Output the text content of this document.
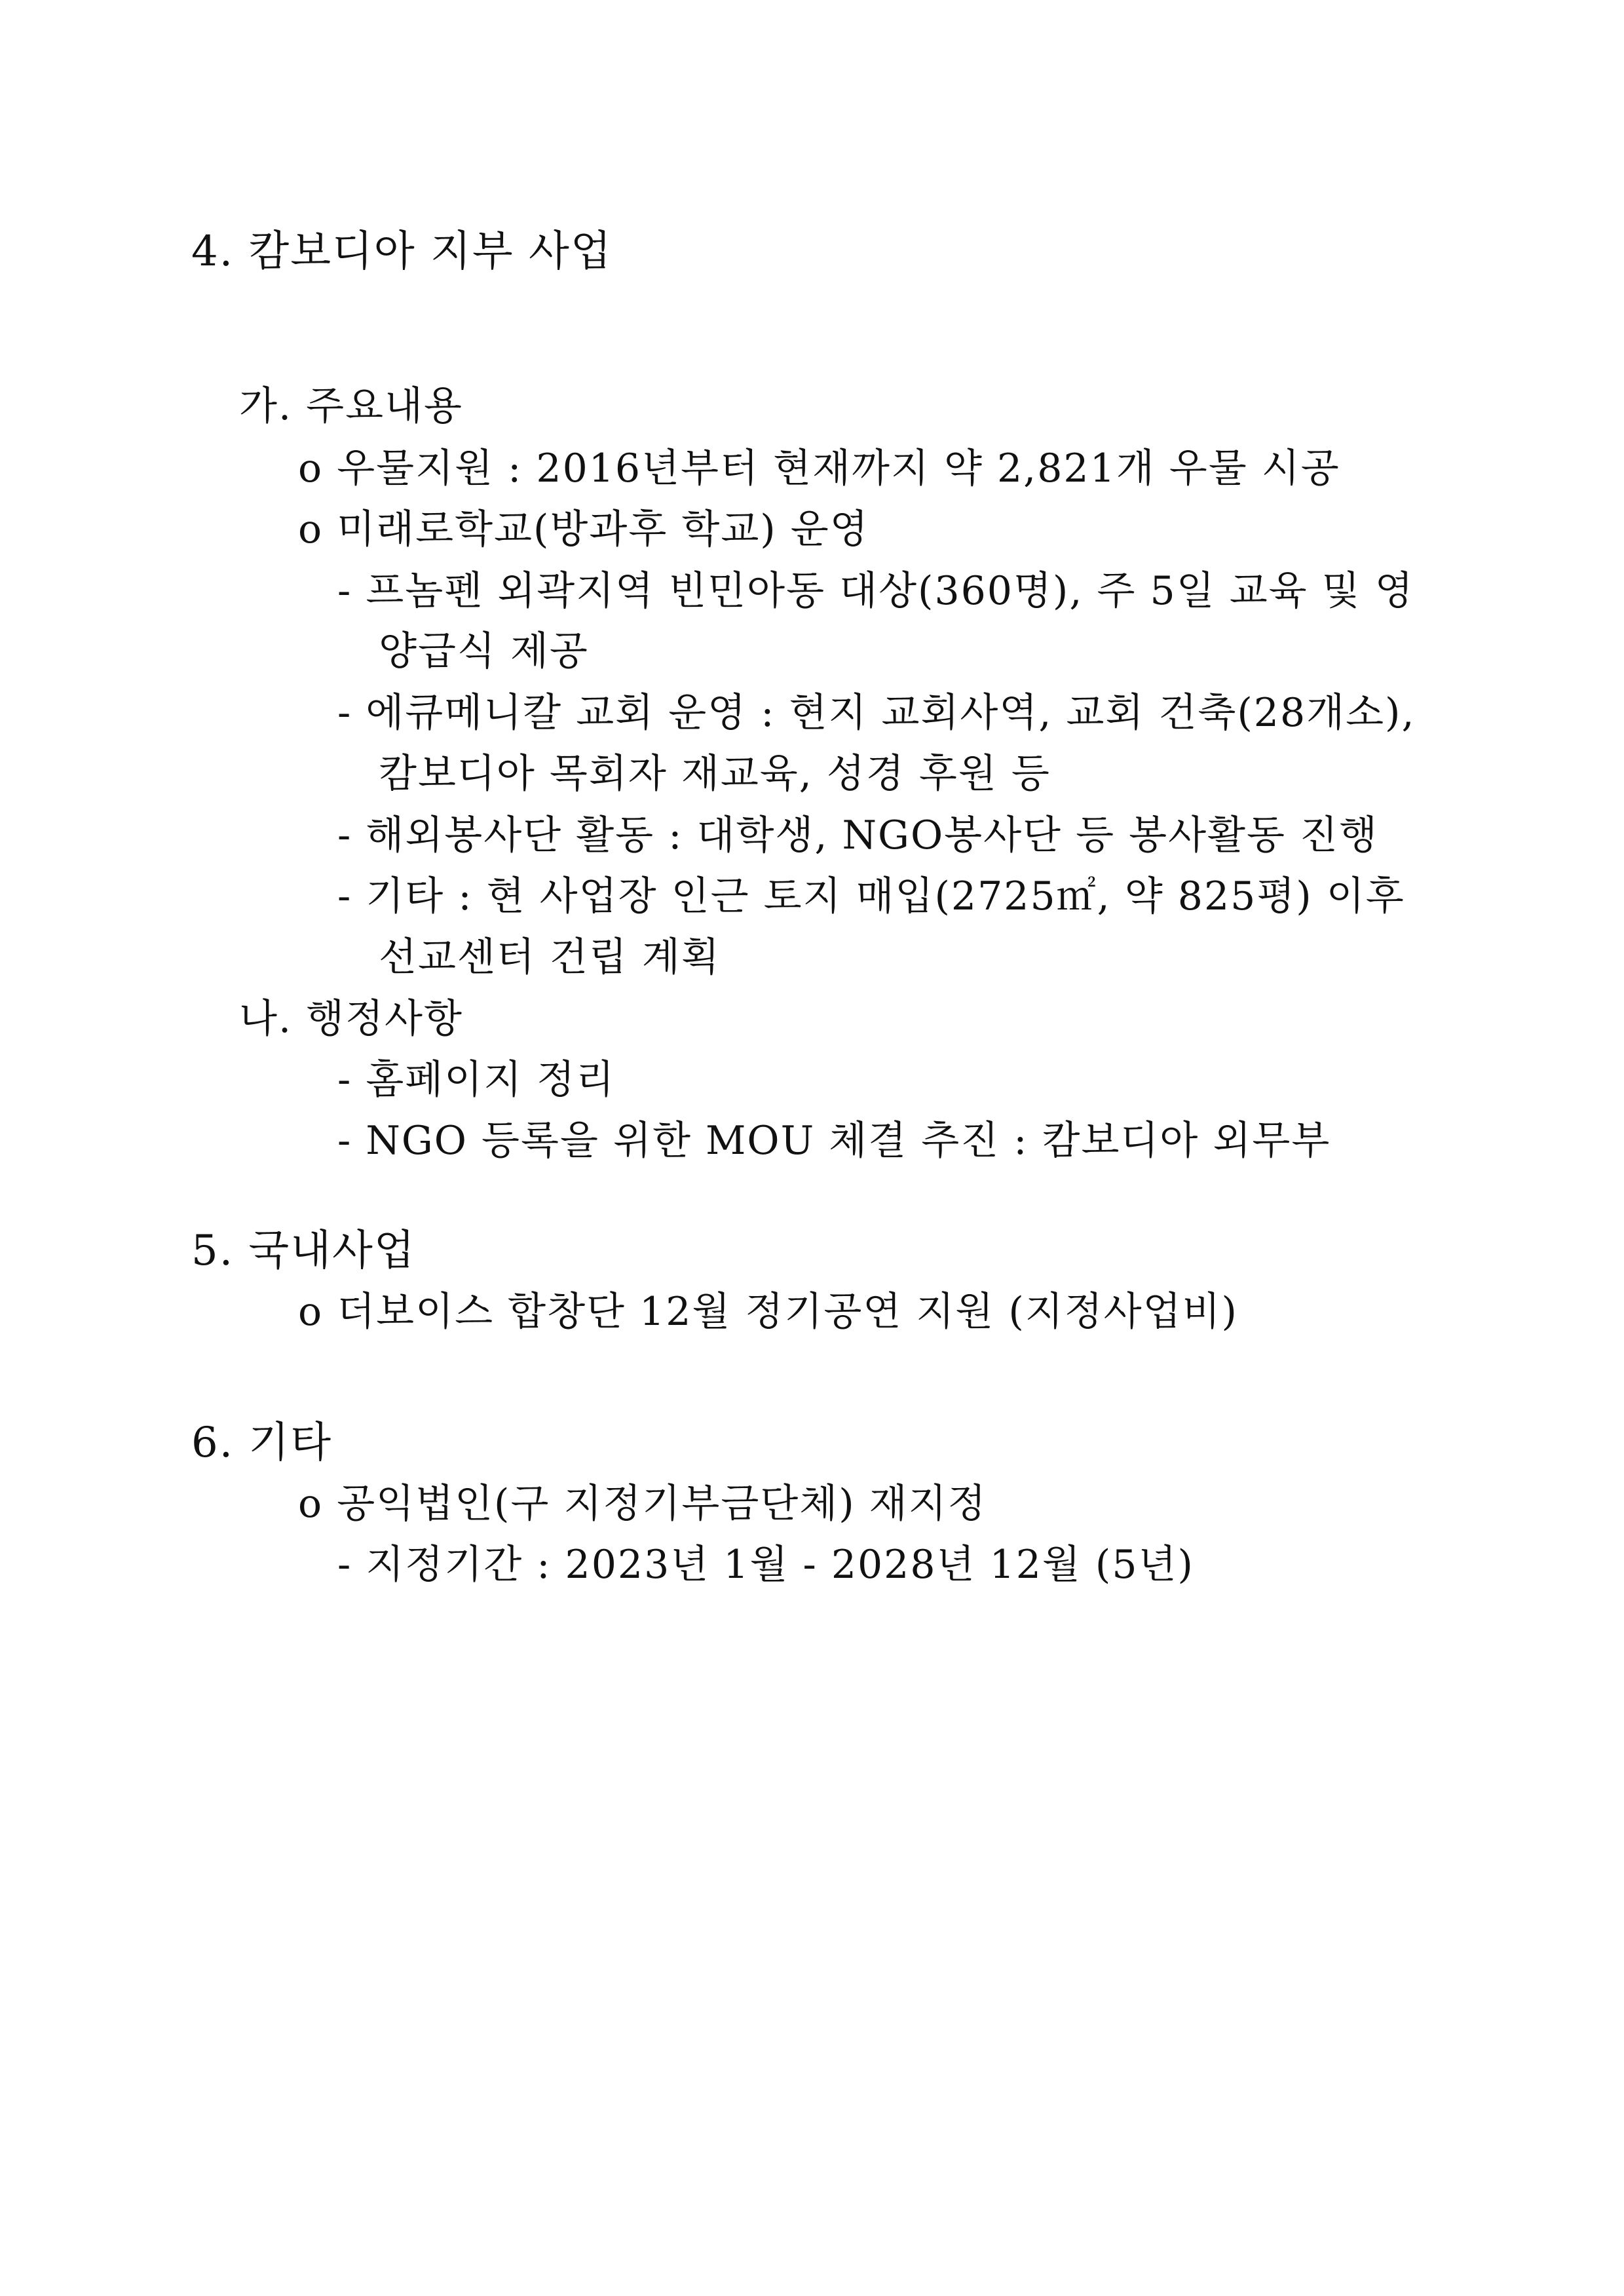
4. 캄보디아 지부 사업
가. 주요내용
o 우물지원 : 2016년부터 현재까지 약 2,821개 우물 시공
o 미래로학교(방과후 학교) 운영
- 프놈펜 외곽지역 빈민아동 대상(360명), 주 5일 교육 및 영
양급식 제공
- 에큐메니칼 교회 운영 : 현지 교회사역, 교회 건축(28개소),
캄보디아 목회자 재교육, 성경 후원 등
- 해외봉사단 활동 : 대학생, NGO봉사단 등 봉사활동 진행
- 기타 : 현 사업장 인근 토지 매입(2725㎡, 약 825평) 이후
선교센터 건립 계획
나. 행정사항
- 홈페이지 정리
- NGO 등록을 위한 MOU 체결 추진 : 캄보디아 외무부
5. 국내사업
o 더보이스 합창단 12월 정기공연 지원 (지정사업비)
6. 기타
o 공익법인(구 지정기부금단체) 재지정
- 지정기간 : 2023년 1월 - 2028년 12월 (5년)
